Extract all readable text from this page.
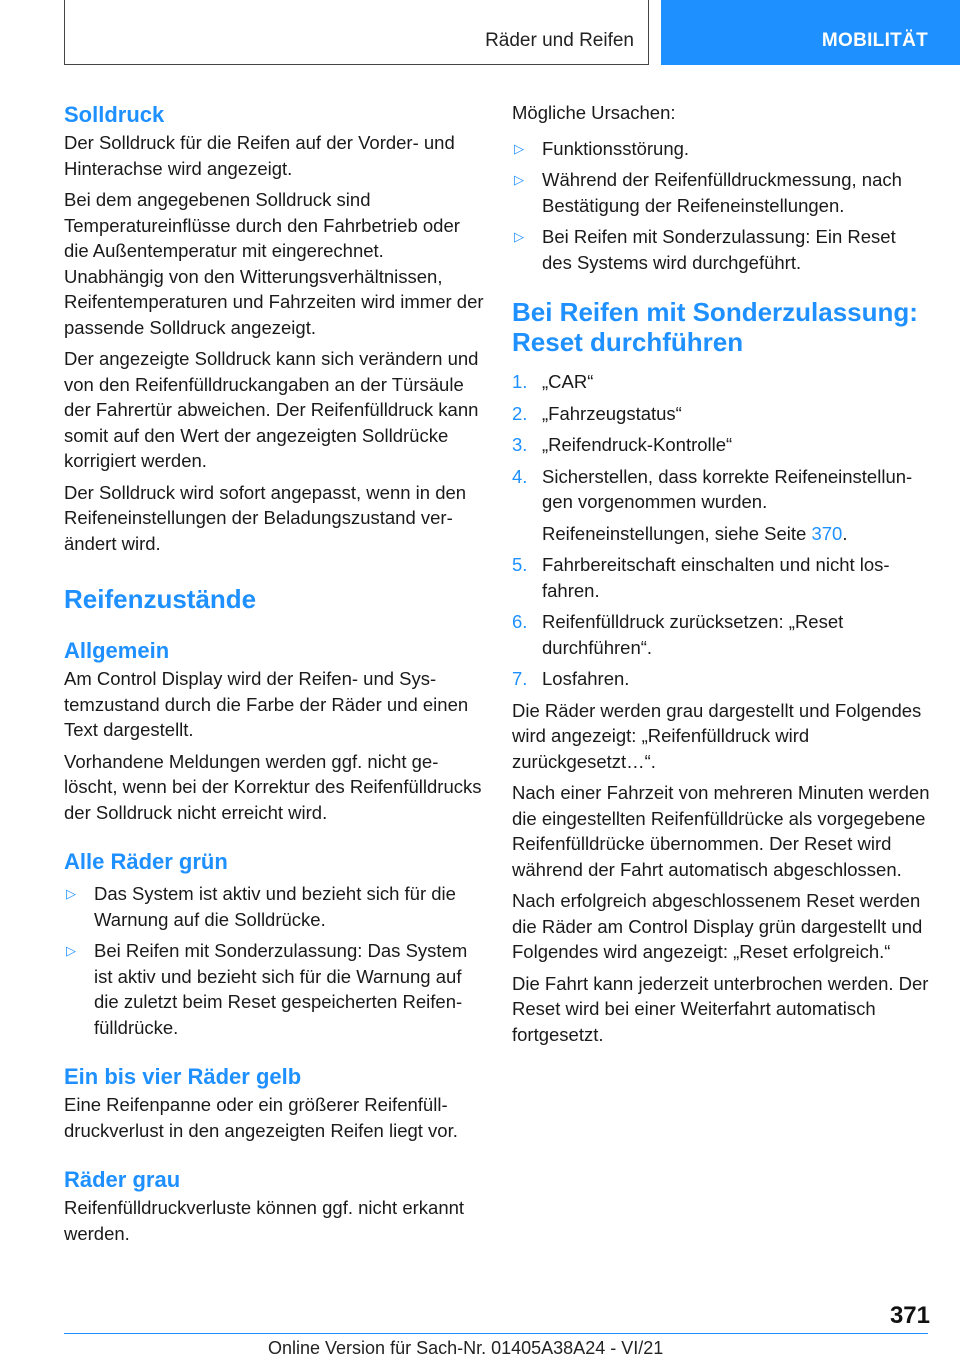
Räder und Reifen	MOBILITÄT
Solldruck
Der Solldruck für die Reifen auf der Vorder- und Hinterachse wird angezeigt.
Bei dem angegebenen Solldruck sind Temperatureinflüsse durch den Fahrbetrieb oder die Außentemperatur mit eingerechnet. Unabhängig von den Witterungsverhältnissen, Reifentemperaturen und Fahrzeiten wird immer der passende Solldruck angezeigt.
Der angezeigte Solldruck kann sich verändern und von den Reifenfülldruckangaben an der Türsäule der Fahrertür abweichen. Der Reifenfülldruck kann somit auf den Wert der angezeigten Solldrücke korrigiert werden.
Der Solldruck wird sofort angepasst, wenn in den Reifeneinstellungen der Beladungszustand verändert wird.
Reifenzustände
Allgemein
Am Control Display wird der Reifen- und Systemzustand durch die Farbe der Räder und einen Text dargestellt.
Vorhandene Meldungen werden ggf. nicht gelöscht, wenn bei der Korrektur des Reifenfülldrucks der Solldruck nicht erreicht wird.
Alle Räder grün
▷ Das System ist aktiv und bezieht sich für die Warnung auf die Solldrücke.
▷ Bei Reifen mit Sonderzulassung: Das System ist aktiv und bezieht sich für die Warnung auf die zuletzt beim Reset gespeicherten Reifenfülldrücke.
Ein bis vier Räder gelb
Eine Reifenpanne oder ein größerer Reifenfülldruckverlust in den angezeigten Reifen liegt vor.
Räder grau
Reifenfülldruckverluste können ggf. nicht erkannt werden.
Mögliche Ursachen:
▷ Funktionsstörung.
▷ Während der Reifenfülldruckmessung, nach Bestätigung der Reifeneinstellungen.
▷ Bei Reifen mit Sonderzulassung: Ein Reset des Systems wird durchgeführt.
Bei Reifen mit Sonderzulassung: Reset durchführen
1. „CAR“
2. „Fahrzeugstatus“
3. „Reifendruck-Kontrolle“
4. Sicherstellen, dass korrekte Reifeneinstellungen vorgenommen wurden.
Reifeneinstellungen, siehe Seite 370.
5. Fahrbereitschaft einschalten und nicht losfahren.
6. Reifenfülldruck zurücksetzen: „Reset durchführen“.
7. Losfahren.
Die Räder werden grau dargestellt und Folgendes wird angezeigt: „Reifenfülldruck wird zurückgesetzt…“.
Nach einer Fahrzeit von mehreren Minuten werden die eingestellten Reifenfülldrücke als vorgegebene Reifenfülldrücke übernommen. Der Reset wird während der Fahrt automatisch abgeschlossen.
Nach erfolgreich abgeschlossenem Reset werden die Räder am Control Display grün dargestellt und Folgendes wird angezeigt: „Reset erfolgreich.“
Die Fahrt kann jederzeit unterbrochen werden. Der Reset wird bei einer Weiterfahrt automatisch fortgesetzt.
371
Online Version für Sach-Nr. 01405A38A24 - VI/21
